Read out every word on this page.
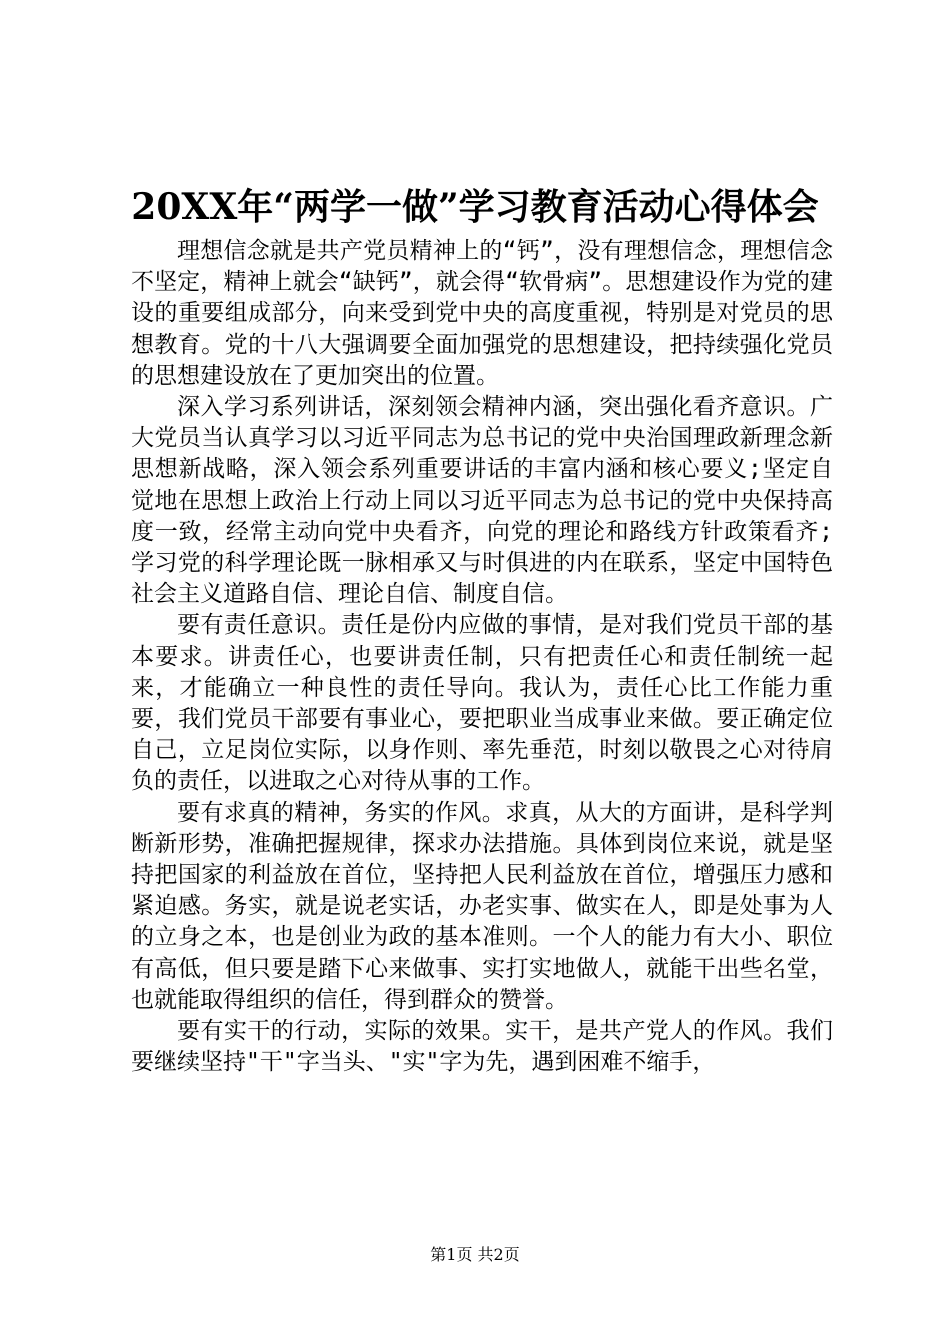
20XX年“两学一做”学习教育活动心得体会

理想信念就是共产党员精神上的“钙”，没有理想信念，理想信念不坚定，精神上就会“缺钙”，就会得“软骨病”。思想建设作为党的建设的重要组成部分，向来受到党中央的高度重视，特别是对党员的思想教育。党的十八大强调要全面加强党的思想建设，把持续强化党员的思想建设放在了更加突出的位置。

深入学习系列讲话，深刻领会精神内涵，突出强化看齐意识。广大党员当认真学习以习近平同志为总书记的党中央治国理政新理念新思想新战略，深入领会系列重要讲话的丰富内涵和核心要义;坚定自觉地在思想上政治上行动上同以习近平同志为总书记的党中央保持高度一致，经常主动向党中央看齐，向党的理论和路线方针政策看齐;学习党的科学理论既一脉相承又与时俱进的内在联系，坚定中国特色社会主义道路自信、理论自信、制度自信。

要有责任意识。责任是份内应做的事情，是对我们党员干部的基本要求。讲责任心，也要讲责任制，只有把责任心和责任制统一起来，才能确立一种良性的责任导向。我认为，责任心比工作能力重要，我们党员干部要有事业心，要把职业当成事业来做。要正确定位自己，立足岗位实际，以身作则、率先垂范，时刻以敬畏之心对待肩负的责任，以进取之心对待从事的工作。

要有求真的精神，务实的作风。求真，从大的方面讲，是科学判断新形势，准确把握规律，探求办法措施。具体到岗位来说，就是坚持把国家的利益放在首位，坚持把人民利益放在首位，增强压力感和紧迫感。务实，就是说老实话，办老实事、做实在人，即是处事为人的立身之本，也是创业为政的基本准则。一个人的能力有大小、职位有高低，但只要是踏下心来做事、实打实地做人，就能干出些名堂，也就能取得组织的信任，得到群众的赞誉。

要有实干的行动，实际的效果。实干，是共产党人的作风。我们要继续坚持"干"字当头、"实"字为先，遇到困难不缩手，

第1页 共2页
